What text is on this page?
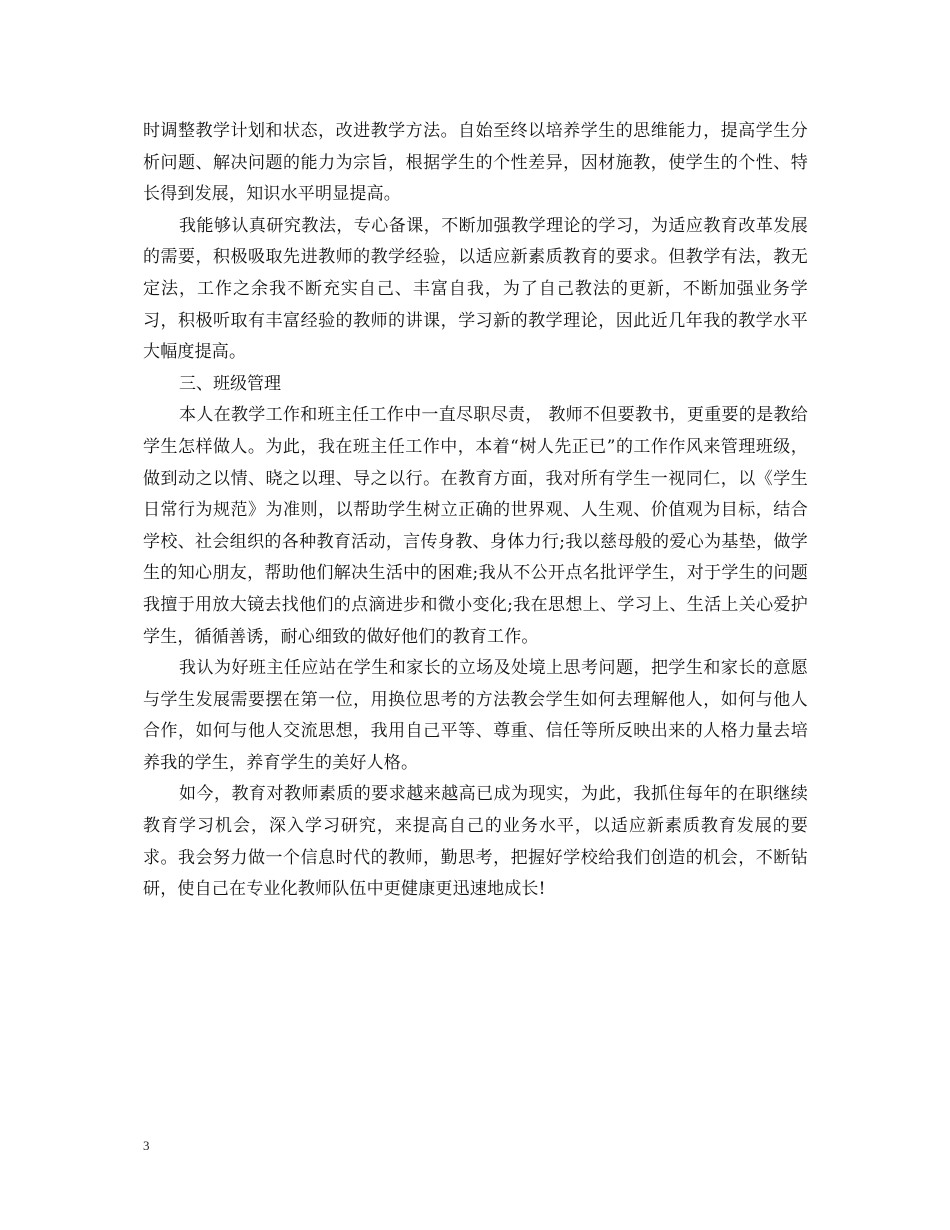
时调整教学计划和状态，改进教学方法。自始至终以培养学生的思维能力，提高学生分析问题、解决问题的能力为宗旨，根据学生的个性差异，因材施教，使学生的个性、特长得到发展，知识水平明显提高。

我能够认真研究教法，专心备课，不断加强教学理论的学习，为适应教育改革发展的需要，积极吸取先进教师的教学经验，以适应新素质教育的要求。但教学有法，教无定法，工作之余我不断充实自己、丰富自我，为了自己教法的更新，不断加强业务学习，积极听取有丰富经验的教师的讲课，学习新的教学理论，因此近几年我的教学水平大幅度提高。

三、班级管理

本人在教学工作和班主任工作中一直尽职尽责， 教师不但要教书，更重要的是教给学生怎样做人。为此，我在班主任工作中，本着“树人先正已”的工作作风来管理班级，做到动之以情、晓之以理、导之以行。在教育方面，我对所有学生一视同仁，以《学生日常行为规范》为准则，以帮助学生树立正确的世界观、人生观、价值观为目标，结合学校、社会组织的各种教育活动，言传身教、身体力行;我以慈母般的爱心为基垫，做学生的知心朋友，帮助他们解决生活中的困难;我从不公开点名批评学生，对于学生的问题我擅于用放大镜去找他们的点滴进步和微小变化;我在思想上、学习上、生活上关心爱护学生，循循善诱，耐心细致的做好他们的教育工作。

我认为好班主任应站在学生和家长的立场及处境上思考问题，把学生和家长的意愿与学生发展需要摆在第一位，用换位思考的方法教会学生如何去理解他人，如何与他人合作，如何与他人交流思想，我用自己平等、尊重、信任等所反映出来的人格力量去培养我的学生，养育学生的美好人格。

如今，教育对教师素质的要求越来越高已成为现实，为此，我抓住每年的在职继续教育学习机会，深入学习研究，来提高自己的业务水平，以适应新素质教育发展的要求。我会努力做一个信息时代的教师，勤思考，把握好学校给我们创造的机会，不断钻研，使自己在专业化教师队伍中更健康更迅速地成长!

3
